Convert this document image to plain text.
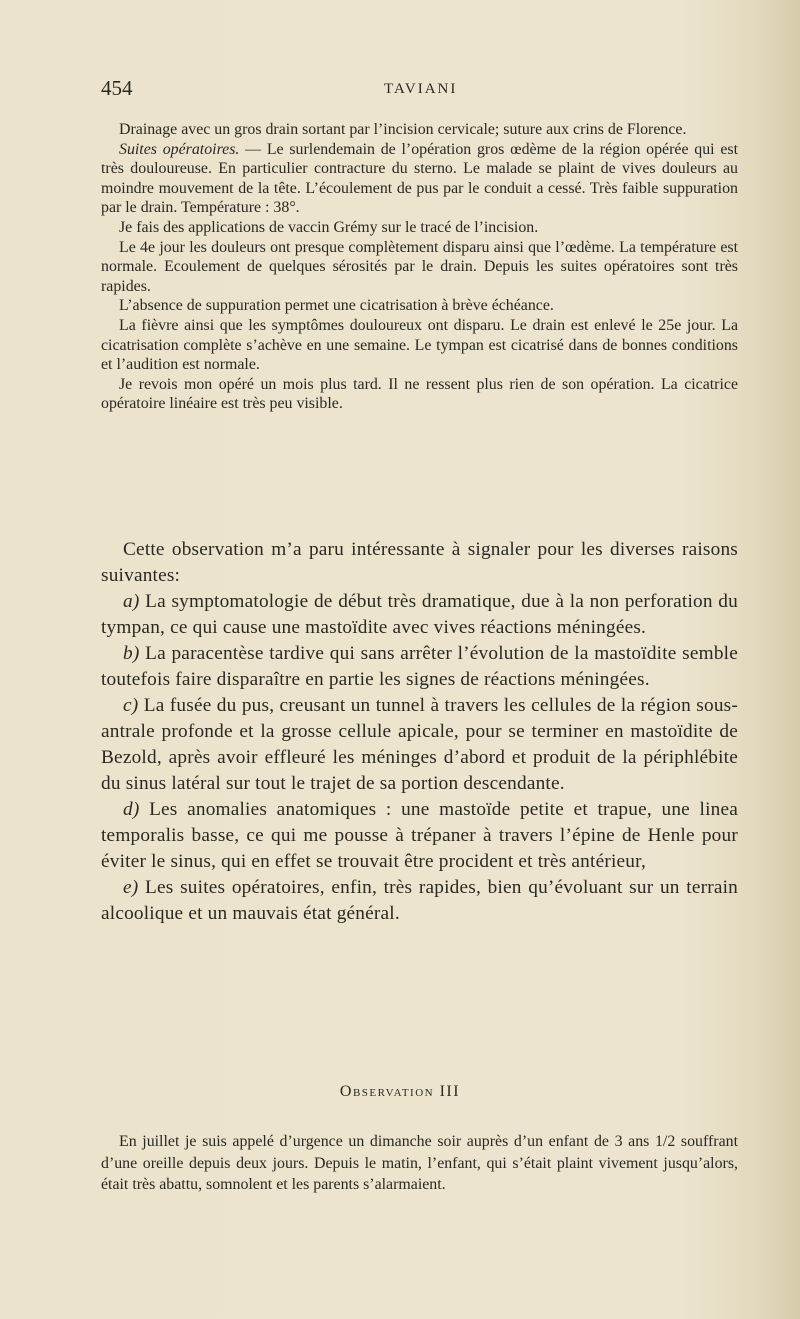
454	TAVIANI

Drainage avec un gros drain sortant par l’incision cervicale; suture aux crins de Florence.

Suites opératoires. — Le surlendemain de l’opération gros œdème de la région opérée qui est très douloureuse. En particulier contracture du sterno. Le malade se plaint de vives douleurs au moindre mouvement de la tête. L’écoulement de pus par le conduit a cessé. Très faible suppuration par le drain. Température : 38°.

Je fais des applications de vaccin Grémy sur le tracé de l’incision.

Le 4e jour les douleurs ont presque complètement disparu ainsi que l’œdème. La température est normale. Ecoulement de quelques sérosités par le drain. Depuis les suites opératoires sont très rapides.

L’absence de suppuration permet une cicatrisation à brève échéance.

La fièvre ainsi que les symptômes douloureux ont disparu. Le drain est enlevé le 25e jour. La cicatrisation complète s’achève en une semaine. Le tympan est cicatrisé dans de bonnes conditions et l’audition est normale.

Je revois mon opéré un mois plus tard. Il ne ressent plus rien de son opération. La cicatrice opératoire linéaire est très peu visible.

Cette observation m’a paru intéressante à signaler pour les diverses raisons suivantes:

a) La symptomatologie de début très dramatique, due à la non perforation du tympan, ce qui cause une mastoïdite avec vives réactions méningées.

b) La paracentèse tardive qui sans arrêter l’évolution de la mastoïdite semble toutefois faire disparaître en partie les signes de réactions méningées.

c) La fusée du pus, creusant un tunnel à travers les cellules de la région sous-antrale profonde et la grosse cellule apicale, pour se terminer en mastoïdite de Bezold, après avoir effleuré les méninges d’abord et produit de la périphlébite du sinus latéral sur tout le trajet de sa portion descendante.

d) Les anomalies anatomiques : une mastoïde petite et trapue, une linea temporalis basse, ce qui me pousse à trépaner à travers l’épine de Henle pour éviter le sinus, qui en effet se trouvait être procident et très antérieur,

e) Les suites opératoires, enfin, très rapides, bien qu’évoluant sur un terrain alcoolique et un mauvais état général.

Observation III

En juillet je suis appelé d’urgence un dimanche soir auprès d’un enfant de 3 ans 1/2 souffrant d’une oreille depuis deux jours. Depuis le matin, l’enfant, qui s’était plaint vivement jusqu’alors, était très abattu, somnolent et les parents s’alarmaient.
